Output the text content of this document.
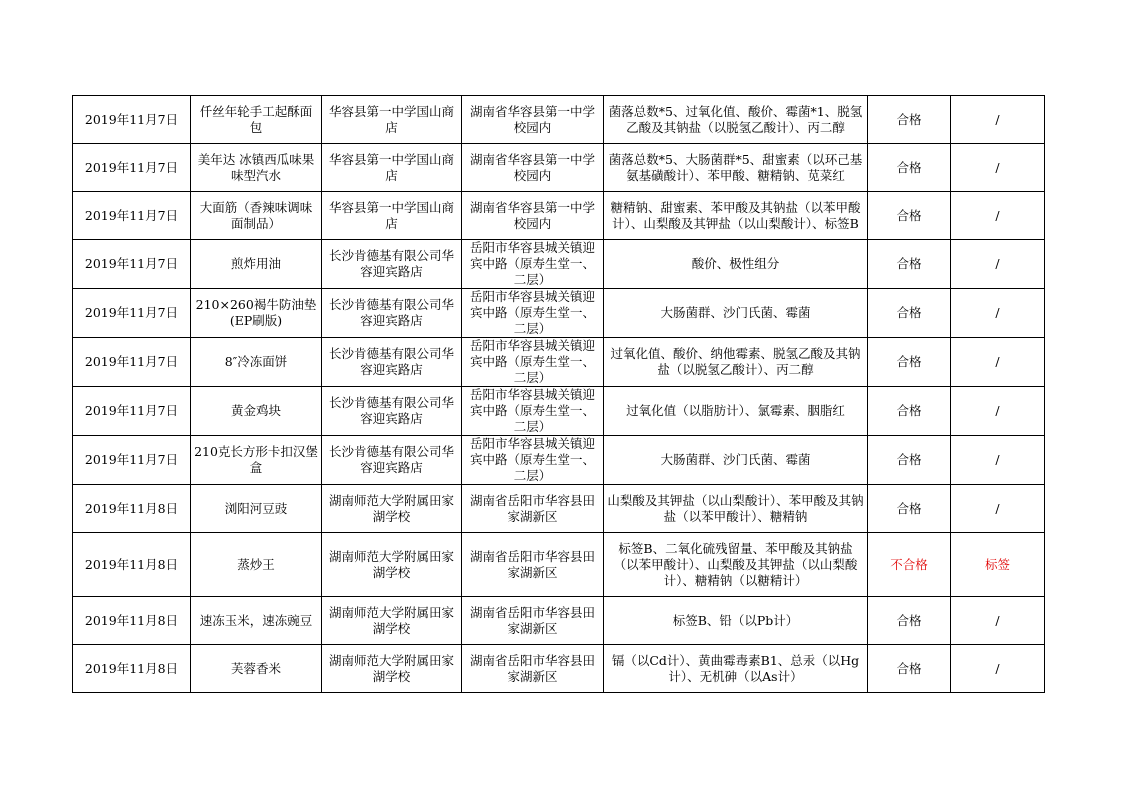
2019年11月7日	仟丝年轮手工起酥面包	华容县第一中学国山商店	湖南省华容县第一中学校园内	菌落总数*5、过氧化值、酸价、霉菌*1、脱氢乙酸及其钠盐（以脱氢乙酸计）、丙二醇	合格	/

2019年11月7日	美年达 冰镇西瓜味果味型汽水	华容县第一中学国山商店	湖南省华容县第一中学校园内	菌落总数*5、大肠菌群*5、甜蜜素（以环己基氨基磺酸计）、苯甲酸、糖精钠、苋菜红	合格	/

2019年11月7日	大面筋（香辣味调味面制品）	华容县第一中学国山商店	湖南省华容县第一中学校园内	糖精钠、甜蜜素、苯甲酸及其钠盐（以苯甲酸计）、山梨酸及其钾盐（以山梨酸计）、标签B	合格	/

2019年11月7日	煎炸用油	长沙肯德基有限公司华容迎宾路店	岳阳市华容县城关镇迎宾中路（原寿生堂一、二层）	酸价、极性组分	合格	/

2019年11月7日	210×260褐牛防油垫(EP刷版)	长沙肯德基有限公司华容迎宾路店	岳阳市华容县城关镇迎宾中路（原寿生堂一、二层）	大肠菌群、沙门氏菌、霉菌	合格	/

2019年11月7日	8″冷冻面饼	长沙肯德基有限公司华容迎宾路店	岳阳市华容县城关镇迎宾中路（原寿生堂一、二层）	过氧化值、酸价、纳他霉素、脱氢乙酸及其钠盐（以脱氢乙酸计）、丙二醇	合格	/

2019年11月7日	黄金鸡块	长沙肯德基有限公司华容迎宾路店	岳阳市华容县城关镇迎宾中路（原寿生堂一、二层）	过氧化值（以脂肪计）、氯霉素、胭脂红	合格	/

2019年11月7日	210克长方形卡扣汉堡盒	长沙肯德基有限公司华容迎宾路店	岳阳市华容县城关镇迎宾中路（原寿生堂一、二层）	大肠菌群、沙门氏菌、霉菌	合格	/

2019年11月8日	浏阳河豆豉	湖南师范大学附属田家湖学校	湖南省岳阳市华容县田家湖新区	山梨酸及其钾盐（以山梨酸计）、苯甲酸及其钠盐（以苯甲酸计）、糖精钠	合格	/

2019年11月8日	蒸炒王	湖南师范大学附属田家湖学校	湖南省岳阳市华容县田家湖新区	标签B、二氧化硫残留量、苯甲酸及其钠盐（以苯甲酸计）、山梨酸及其钾盐（以山梨酸计）、糖精钠（以糖精计）	不合格	标签

2019年11月8日	速冻玉米，速冻豌豆	湖南师范大学附属田家湖学校	湖南省岳阳市华容县田家湖新区	标签B、铅（以Pb计）	合格	/

2019年11月8日	芙蓉香米	湖南师范大学附属田家湖学校	湖南省岳阳市华容县田家湖新区	镉（以Cd计）、黄曲霉毒素B1、总汞（以Hg计）、无机砷（以As计）	合格	/
